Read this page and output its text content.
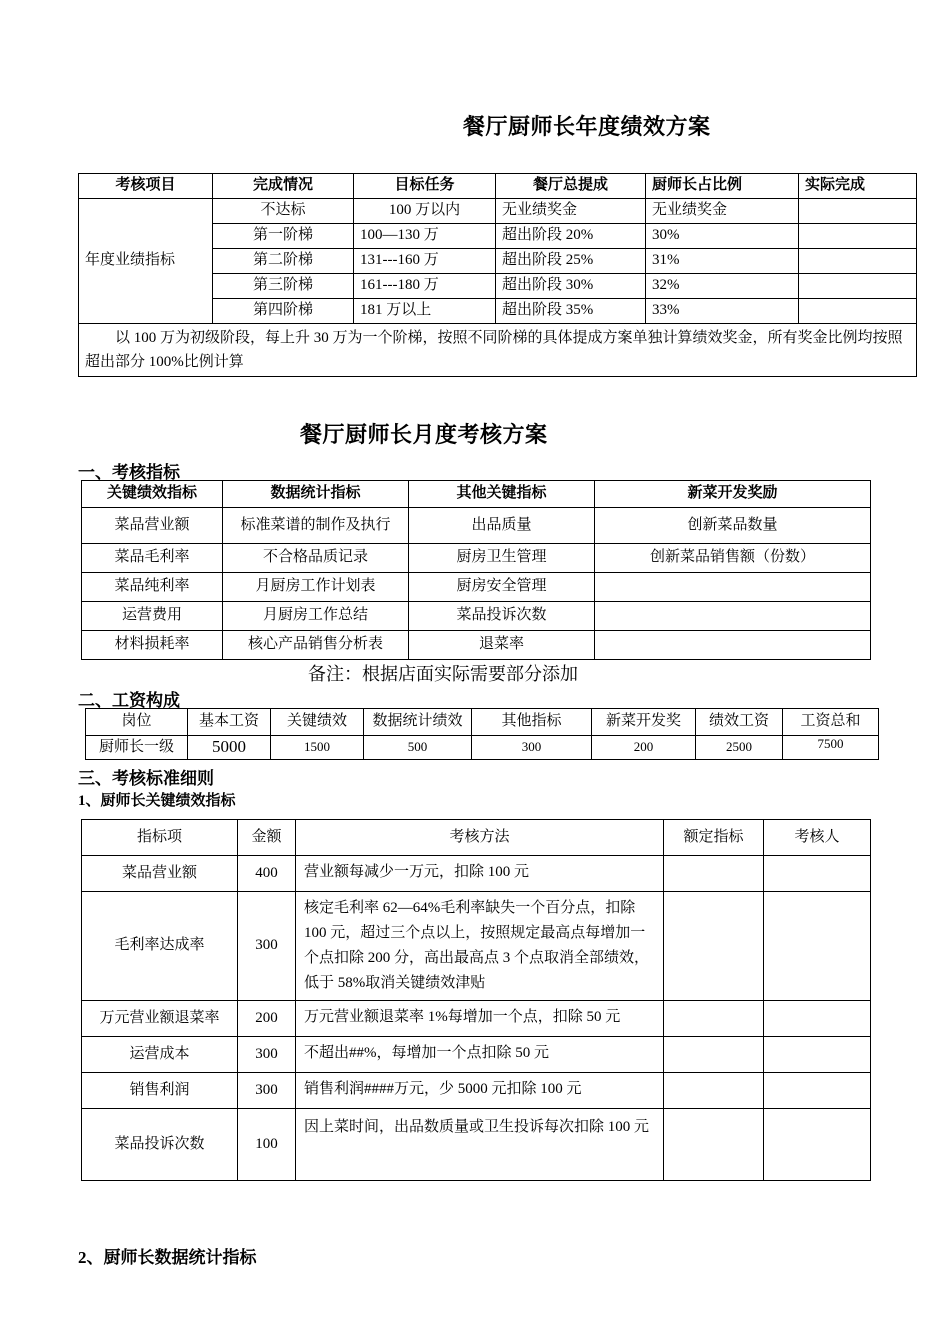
餐厅厨师长年度绩效方案
考核项目	完成情况	目标任务	餐厅总提成	厨师长占比例	实际完成
年度业绩指标	不达标	100 万以内	无业绩奖金	无业绩奖金	
	第一阶梯	100—130 万	超出阶段 20%	30%	
	第二阶梯	131---160 万	超出阶段 25%	31%	
	第三阶梯	161---180 万	超出阶段 30%	32%	
	第四阶梯	181 万以上	超出阶段 35%	33%	
以 100 万为初级阶段，每上升 30 万为一个阶梯，按照不同阶梯的具体提成方案单独计算绩效奖金，所有奖金比例均按照超出部分 100%比例计算					
餐厅厨师长月度考核方案
一、考核指标
关键绩效指标	数据统计指标	其他关键指标	新菜开发奖励
菜品营业额	标准菜谱的制作及执行	出品质量	创新菜品数量
菜品毛利率	不合格品质记录	厨房卫生管理	创新菜品销售额（份数）
菜品纯利率	月厨房工作计划表	厨房安全管理	
运营费用	月厨房工作总结	菜品投诉次数	
材料损耗率	核心产品销售分析表	退菜率	
备注：根据店面实际需要部分添加
二、工资构成
岗位	基本工资	关键绩效	数据统计绩效	其他指标	新菜开发奖	绩效工资	工资总和
厨师长一级	5000	1500	500	300	200	2500	7500
三、考核标准细则
1、厨师长关键绩效指标
指标项	金额	考核方法	额定指标	考核人
菜品营业额	400	营业额每减少一万元，扣除 100 元		
毛利率达成率	300	核定毛利率 62—64%毛利率缺失一个百分点，扣除 100 元，超过三个点以上，按照规定最高点每增加一个点扣除 200 分，高出最高点 3 个点取消全部绩效，低于 58%取消关键绩效津贴		
万元营业额退菜率	200	万元营业额退菜率 1%每增加一个点，扣除 50 元		
运营成本	300	不超出##%，每增加一个点扣除 50 元		
销售利润	300	销售利润####万元，少 5000 元扣除 100 元		
菜品投诉次数	100	因上菜时间，出品数质量或卫生投诉每次扣除 100 元		
2、厨师长数据统计指标
